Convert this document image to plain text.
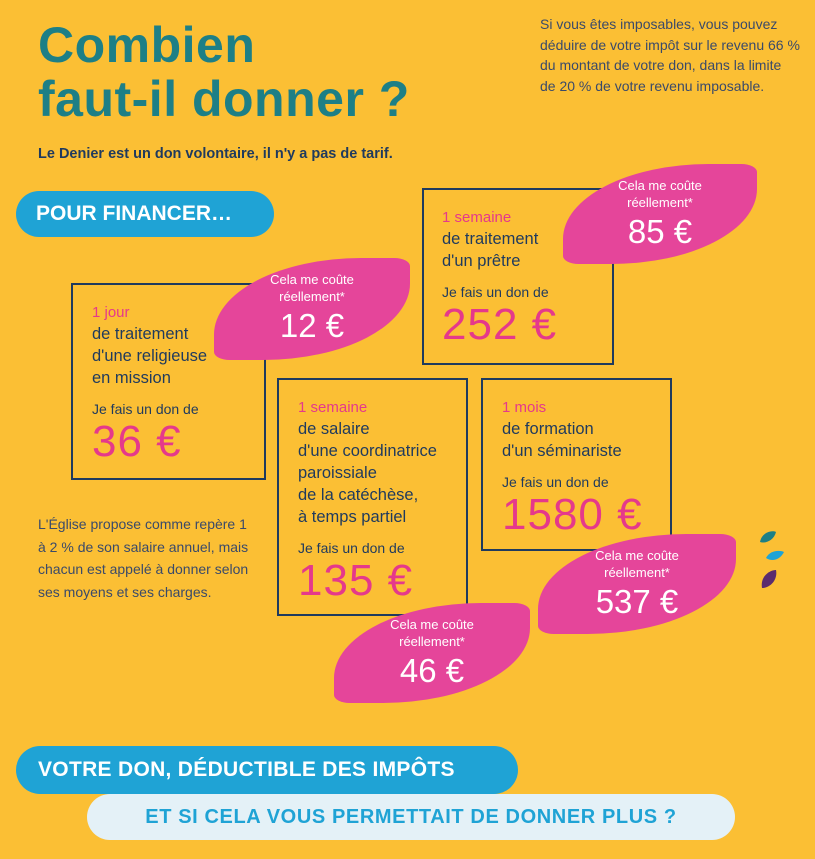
Combien
faut-il donner ?
Si vous êtes imposables, vous pouvez déduire de votre impôt sur le revenu 66 % du montant de votre don, dans la limite de 20 % de votre revenu imposable.
Le Denier est un don volontaire, il n'y a pas de tarif.
POUR FINANCER…
1 jour
de traitement
d'une religieuse
en mission
Je fais un don de
36 €
1 semaine
de traitement
d'un prêtre
Je fais un don de
252 €
1 semaine
de salaire
d'une coordinatrice
paroissiale
de la catéchèse,
à temps partiel
Je fais un don de
135 €
1 mois
de formation
d'un séminariste
Je fais un don de
1580 €
Cela me coûte
réellement*
12 €
Cela me coûte
réellement*
85 €
Cela me coûte
réellement*
46 €
Cela me coûte
réellement*
537 €
L'Église propose comme repère 1 à 2 % de son salaire annuel, mais chacun est appelé à donner selon ses moyens et ses charges.
VOTRE DON, DÉDUCTIBLE DES IMPÔTS
ET SI CELA VOUS PERMETTAIT DE DONNER PLUS ?
